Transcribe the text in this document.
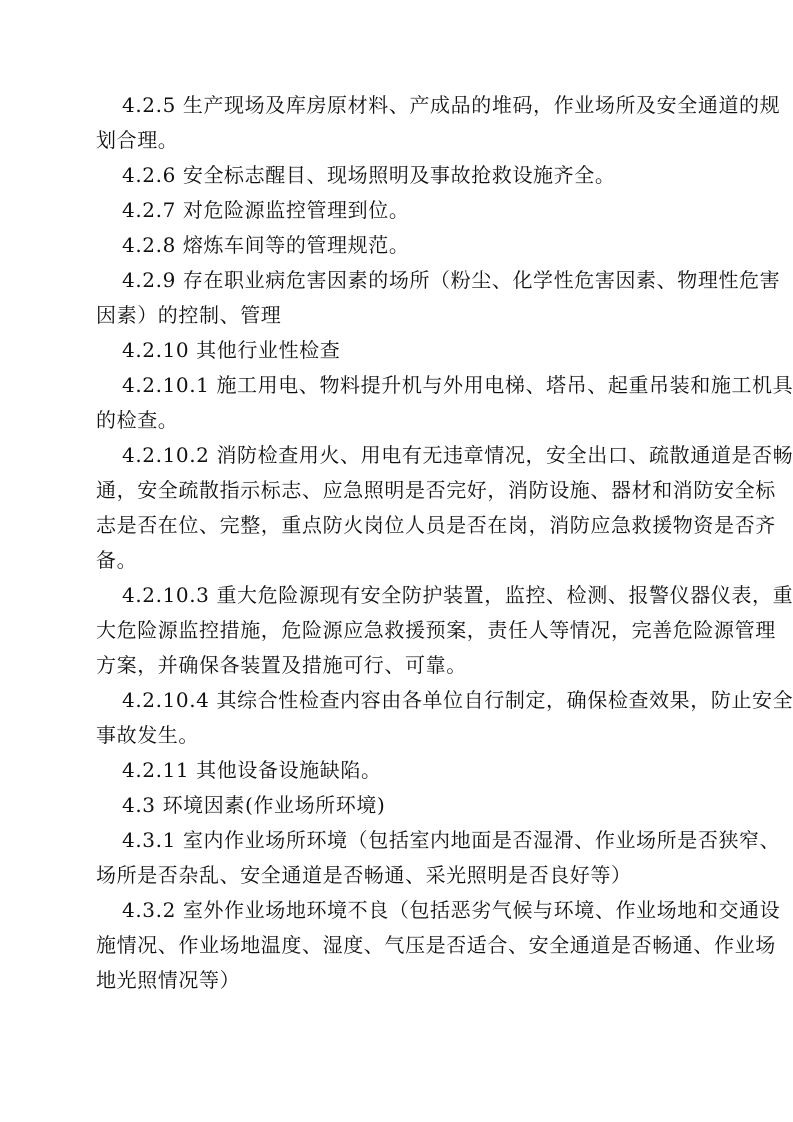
4.2.5 生产现场及库房原材料、产成品的堆码，作业场所及安全通道的规
划合理。

4.2.6 安全标志醒目、现场照明及事故抢救设施齐全。

4.2.7 对危险源监控管理到位。

4.2.8 熔炼车间等的管理规范。

4.2.9 存在职业病危害因素的场所（粉尘、化学性危害因素、物理性危害
因素）的控制、管理

4.2.10 其他行业性检查

4.2.10.1 施工用电、物料提升机与外用电梯、塔吊、起重吊装和施工机具
的检查。

4.2.10.2 消防检查用火、用电有无违章情况，安全出口、疏散通道是否畅
通，安全疏散指示标志、应急照明是否完好，消防设施、器材和消防安全标
志是否在位、完整，重点防火岗位人员是否在岗，消防应急救援物资是否齐
备。

4.2.10.3 重大危险源现有安全防护装置，监控、检测、报警仪器仪表，重
大危险源监控措施，危险源应急救援预案，责任人等情况，完善危险源管理
方案，并确保各装置及措施可行、可靠。

4.2.10.4 其综合性检查内容由各单位自行制定，确保检查效果，防止安全
事故发生。

4.2.11 其他设备设施缺陷。

4.3 环境因素(作业场所环境)

4.3.1 室内作业场所环境（包括室内地面是否湿滑、作业场所是否狭窄、
场所是否杂乱、安全通道是否畅通、采光照明是否良好等）

4.3.2 室外作业场地环境不良（包括恶劣气候与环境、作业场地和交通设
施情况、作业场地温度、湿度、气压是否适合、安全通道是否畅通、作业场
地光照情况等）
